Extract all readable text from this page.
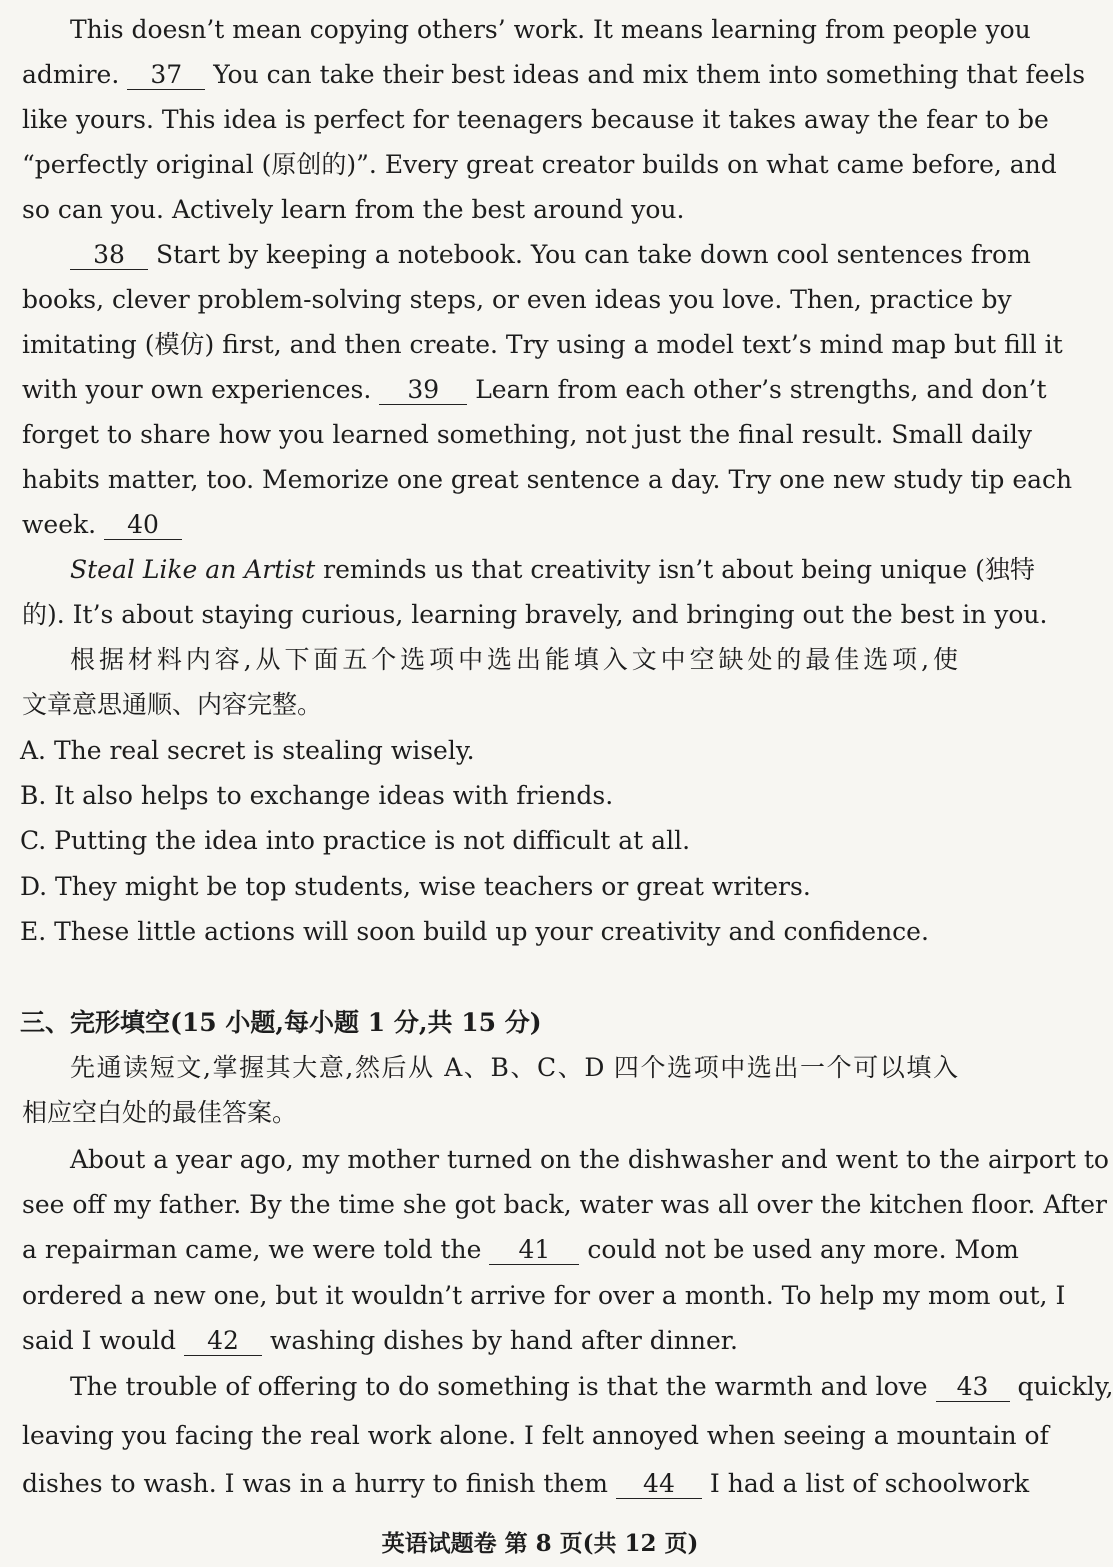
This doesn’t mean copying others’ work. It means learning from people you
admire. 37 You can take their best ideas and mix them into something that feels
like yours. This idea is perfect for teenagers because it takes away the fear to be
“perfectly original (原创的)”. Every great creator builds on what came before, and
so can you. Actively learn from the best around you.
38 Start by keeping a notebook. You can take down cool sentences from
books, clever problem-solving steps, or even ideas you love. Then, practice by
imitating (模仿) first, and then create. Try using a model text’s mind map but fill it
with your own experiences. 39 Learn from each other’s strengths, and don’t
forget to share how you learned something, not just the final result. Small daily
habits matter, too. Memorize one great sentence a day. Try one new study tip each
week. 40
Steal Like an Artist reminds us that creativity isn’t about being unique (独特
的). It’s about staying curious, learning bravely, and bringing out the best in you.
根据材料内容,从下面五个选项中选出能填入文中空缺处的最佳选项,使
文章意思通顺、内容完整。
A. The real secret is stealing wisely.
B. It also helps to exchange ideas with friends.
C. Putting the idea into practice is not difficult at all.
D. They might be top students, wise teachers or great writers.
E. These little actions will soon build up your creativity and confidence.
三、完形填空(15 小题,每小题 1 分,共 15 分)
先通读短文,掌握其大意,然后从 A、B、C、D 四个选项中选出一个可以填入
相应空白处的最佳答案。
About a year ago, my mother turned on the dishwasher and went to the airport to
see off my father. By the time she got back, water was all over the kitchen floor. After
a repairman came, we were told the 41 could not be used any more. Mom
ordered a new one, but it wouldn’t arrive for over a month. To help my mom out, I
said I would 42 washing dishes by hand after dinner.
The trouble of offering to do something is that the warmth and love 43 quickly,
leaving you facing the real work alone. I felt annoyed when seeing a mountain of
dishes to wash. I was in a hurry to finish them 44 I had a list of schoolwork
英语试题卷 第 8 页(共 12 页)
